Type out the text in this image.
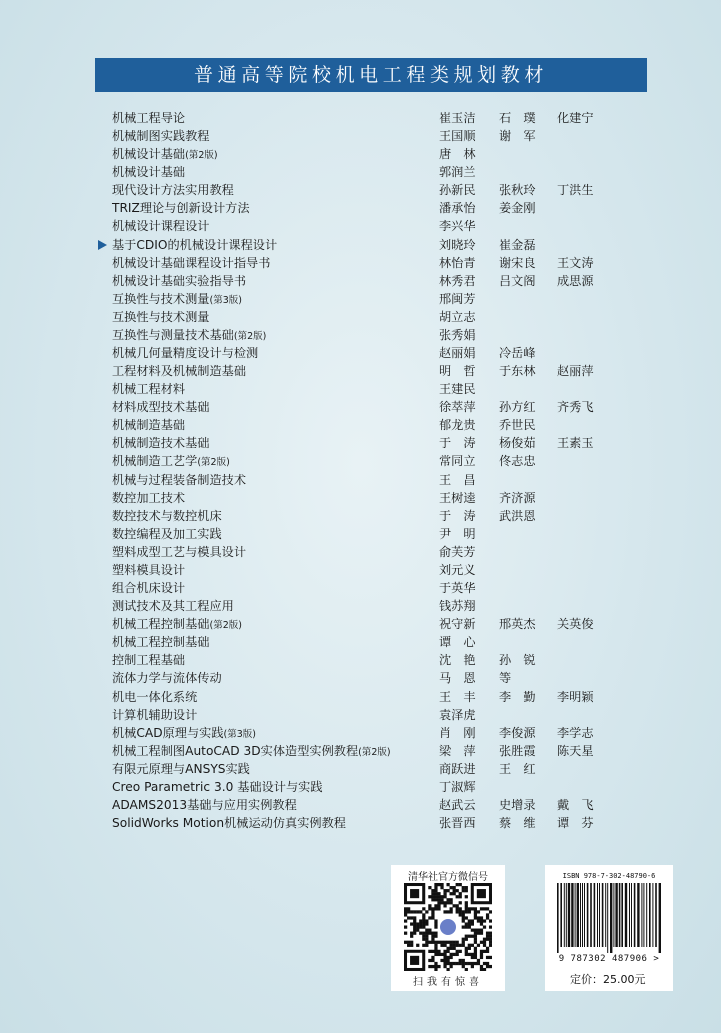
普通高等院校机电工程类规划教材
机械工程导论	崔玉洁 石　璞 化建宁
机械制图实践教程	王国顺 谢　军
机械设计基础(第2版)	唐　林
机械设计基础	郭润兰
现代设计方法实用教程	孙新民 张秋玲 丁洪生
TRIZ理论与创新设计方法	潘承怡 姜金刚
机械设计课程设计	李兴华
基于CDIO的机械设计课程设计	刘晓玲 崔金磊
机械设计基础课程设计指导书	林怡青 谢宋良 王文涛
机械设计基础实验指导书	林秀君 吕文阁 成思源
互换性与技术测量(第3版)	邢闽芳
互换性与技术测量	胡立志
互换性与测量技术基础(第2版)	张秀娟
机械几何量精度设计与检测	赵丽娟 冷岳峰
工程材料及机械制造基础	明　哲 于东林 赵丽萍
机械工程材料	王建民
材料成型技术基础	徐萃萍 孙方红 齐秀飞
机械制造基础	郁龙贵 乔世民
机械制造技术基础	于　涛 杨俊茹 王素玉
机械制造工艺学(第2版)	常同立 佟志忠
机械与过程装备制造技术	王　昌
数控加工技术	王树逵 齐济源
数控技术与数控机床	于　涛 武洪恩
数控编程及加工实践	尹　明
塑料成型工艺与模具设计	俞芙芳
塑料模具设计	刘元义
组合机床设计	于英华
测试技术及其工程应用	钱苏翔
机械工程控制基础(第2版)	祝守新 邢英杰 关英俊
机械工程控制基础	谭　心
控制工程基础	沈　艳 孙　锐
流体力学与流体传动	马　恩 等
机电一体化系统	王　丰 李　勤 李明颖
计算机辅助设计	袁泽虎
机械CAD原理与实践(第3版)	肖　刚 李俊源 李学志
机械工程制图AutoCAD 3D实体造型实例教程(第2版)	梁　萍 张胜霞 陈天星
有限元原理与ANSYS实践	商跃进 王　红
Creo Parametric 3.0 基础设计与实践	丁淑辉
ADAMS2013基础与应用实例教程	赵武云 史增录 戴　飞
SolidWorks Motion机械运动仿真实例教程	张晋西 蔡　维 谭　芬
清华社官方微信号
扫我有惊喜
ISBN 978-7-302-48790-6
9 787302 487906 >
定价：25.00元
